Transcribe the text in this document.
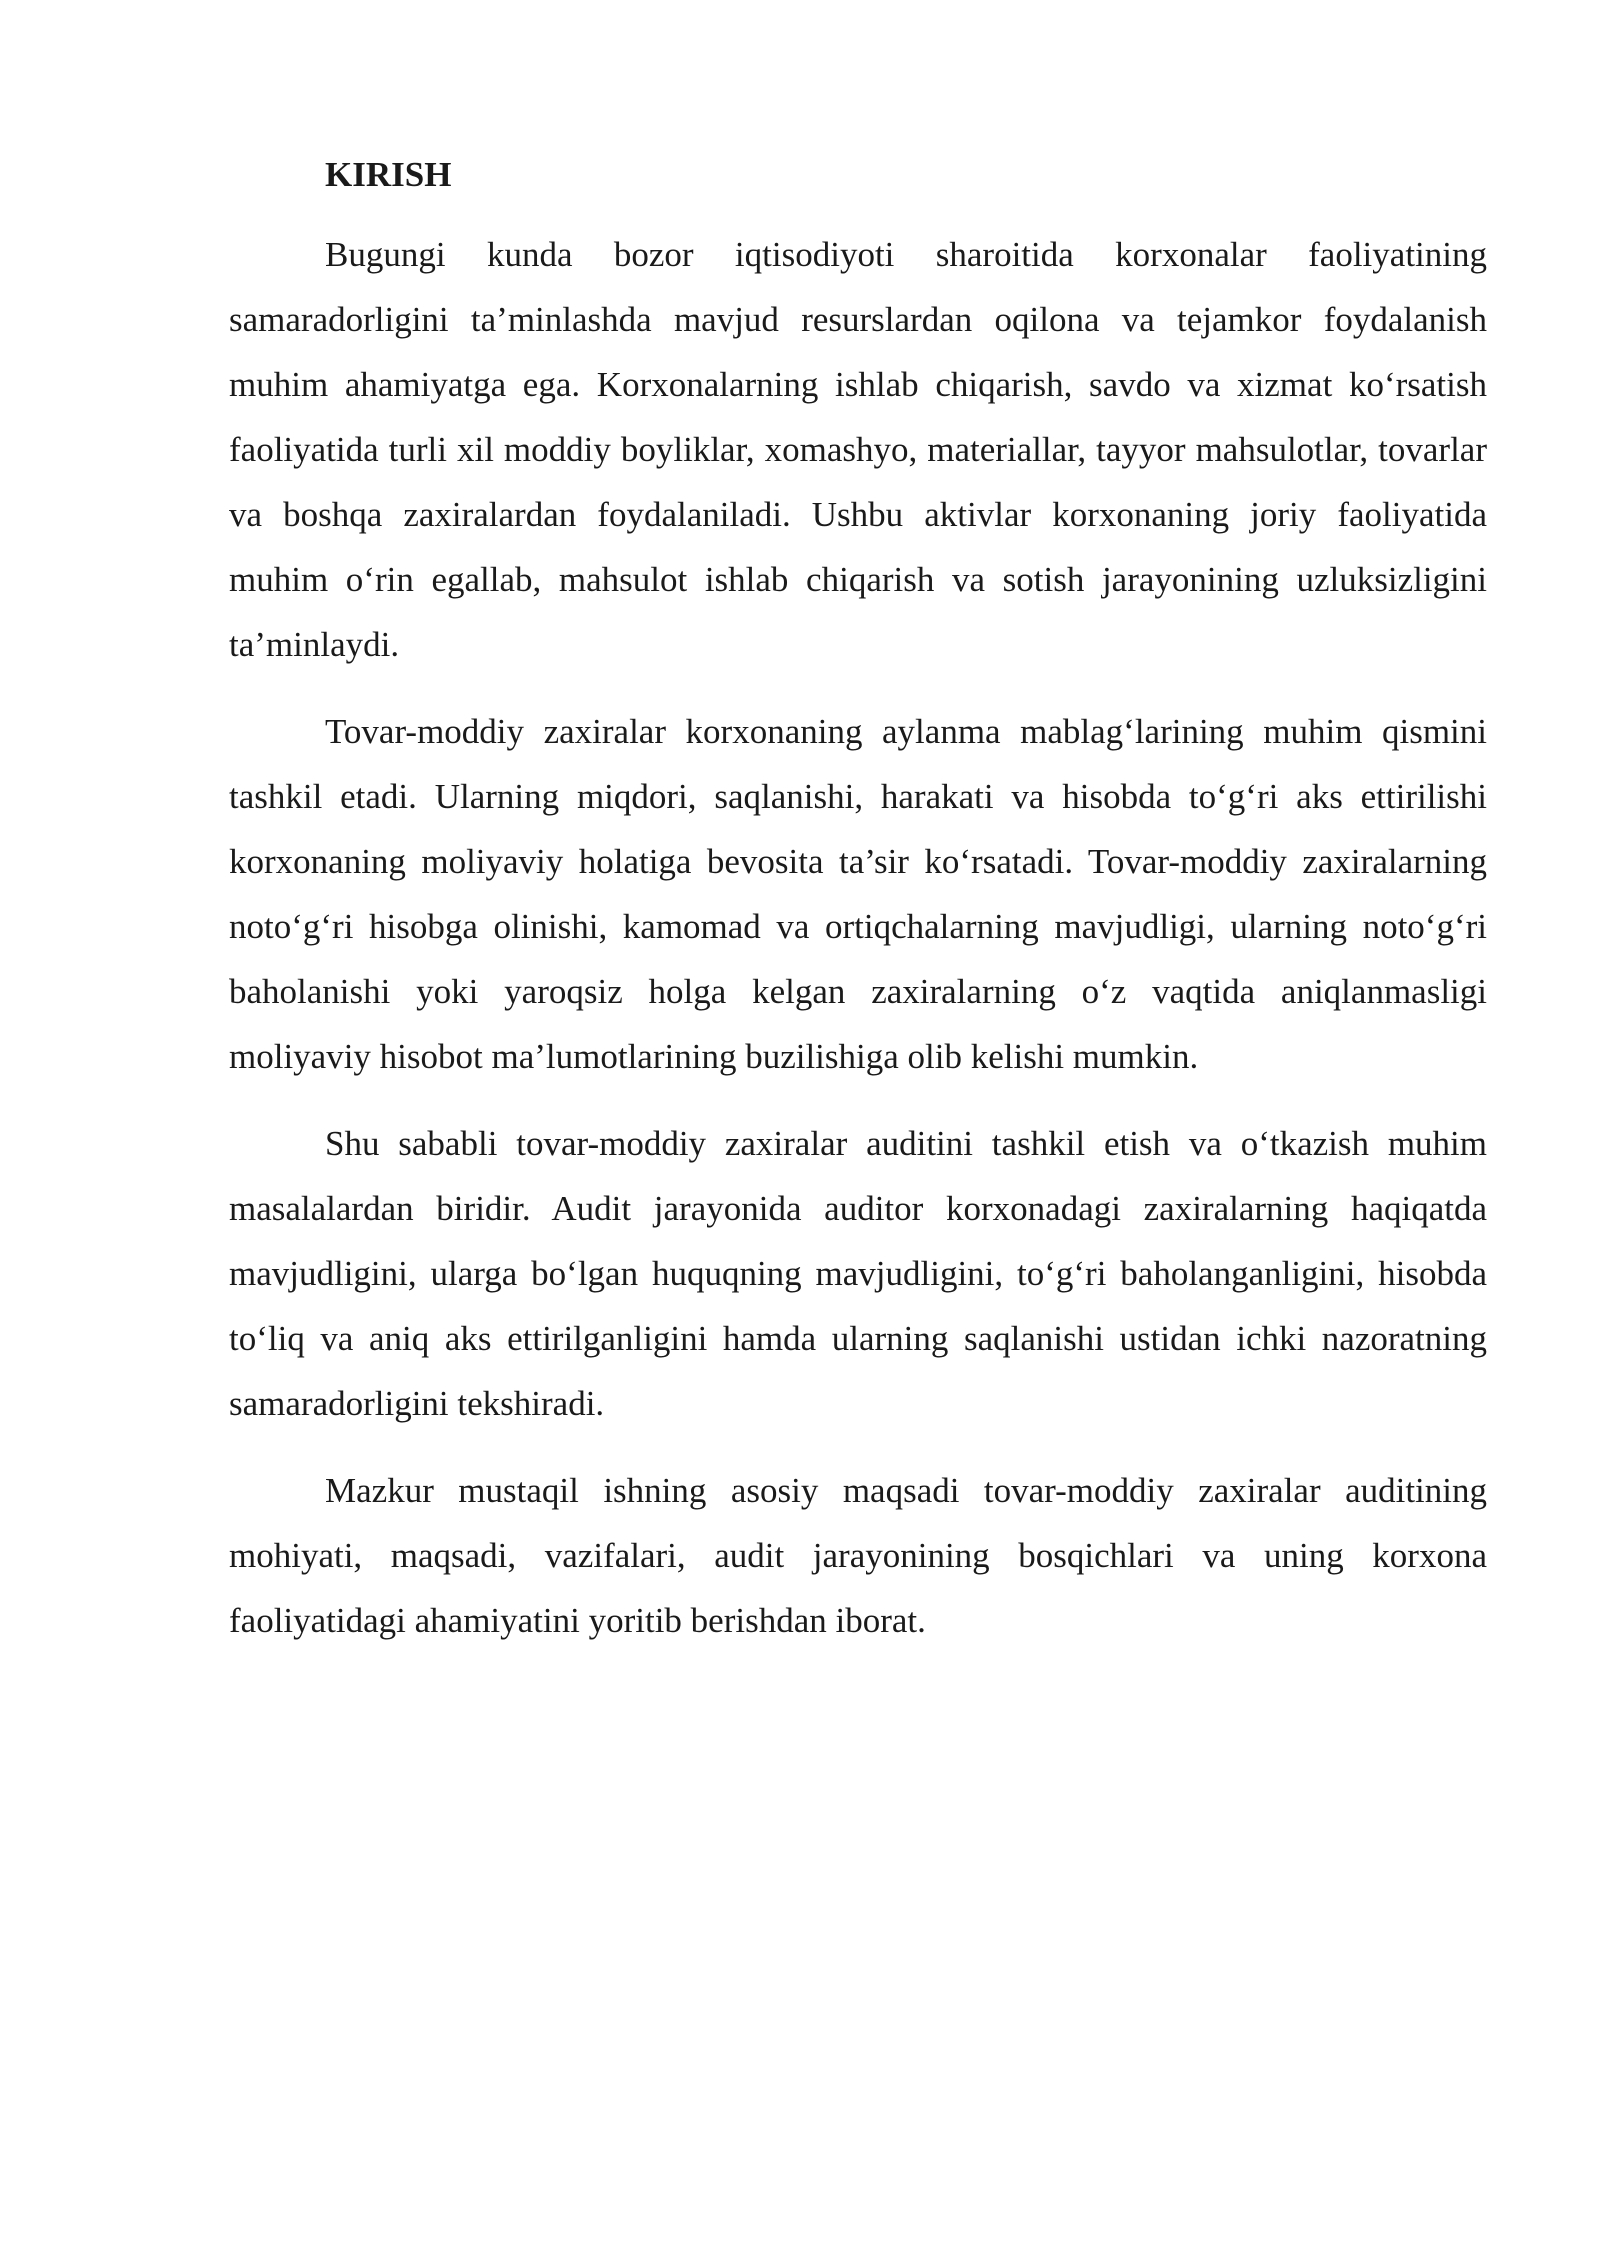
KIRISH

Bugungi kunda bozor iqtisodiyoti sharoitida korxonalar faoliyatining samaradorligini ta’minlashda mavjud resurslardan oqilona va tejamkor foydalanish muhim ahamiyatga ega. Korxonalarning ishlab chiqarish, savdo va xizmat ko‘rsatish faoliyatida turli xil moddiy boyliklar, xomashyo, materiallar, tayyor mahsulotlar, tovarlar va boshqa zaxiralardan foydalaniladi. Ushbu aktivlar korxonaning joriy faoliyatida muhim o‘rin egallab, mahsulot ishlab chiqarish va sotish jarayonining uzluksizligini ta’minlaydi.

Tovar-moddiy zaxiralar korxonaning aylanma mablag‘larining muhim qismini tashkil etadi. Ularning miqdori, saqlanishi, harakati va hisobda to‘g‘ri aks ettirilishi korxonaning moliyaviy holatiga bevosita ta’sir ko‘rsatadi. Tovar-moddiy zaxiralarning noto‘g‘ri hisobga olinishi, kamomad va ortiqchalarning mavjudligi, ularning noto‘g‘ri baholanishi yoki yaroqsiz holga kelgan zaxiralarning o‘z vaqtida aniqlanmasligi moliyaviy hisobot ma’lumotlarining buzilishiga olib kelishi mumkin.

Shu sababli tovar-moddiy zaxiralar auditini tashkil etish va o‘tkazish muhim masalalardan biridir. Audit jarayonida auditor korxonadagi zaxiralarning haqiqatda mavjudligini, ularga bo‘lgan huquqning mavjudligini, to‘g‘ri baholanganligini, hisobda to‘liq va aniq aks ettirilganligini hamda ularning saqlanishi ustidan ichki nazoratning samaradorligini tekshiradi.

Mazkur mustaqil ishning asosiy maqsadi tovar-moddiy zaxiralar auditining mohiyati, maqsadi, vazifalari, audit jarayonining bosqichlari va uning korxona faoliyatidagi ahamiyatini yoritib berishdan iborat.
